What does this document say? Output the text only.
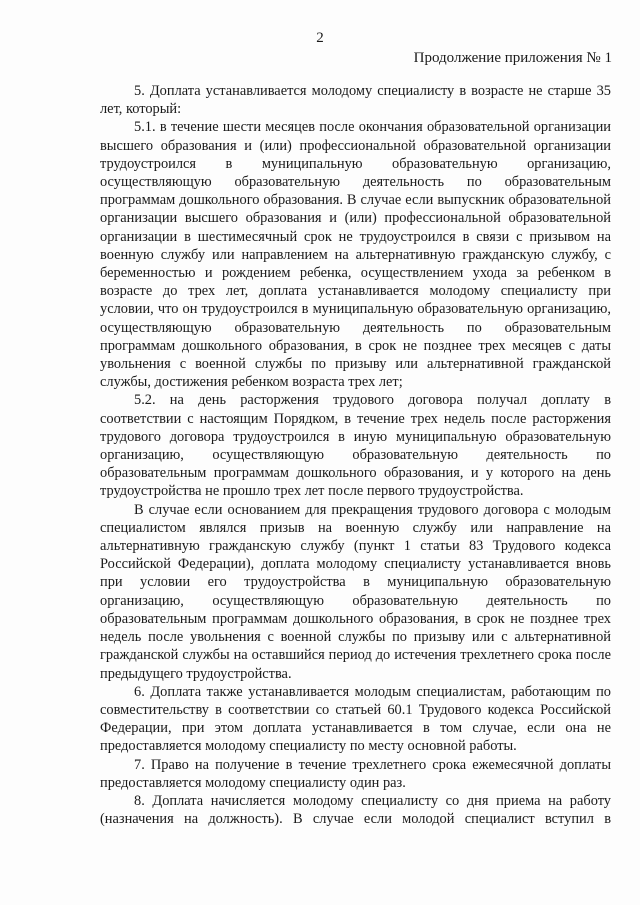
2
Продолжение приложения № 1

5. Доплата устанавливается молодому специалисту в возрасте не старше 35 лет, который:

5.1. в течение шести месяцев после окончания образовательной организации высшего образования и (или) профессиональной образовательной организации трудоустроился в муниципальную образовательную организацию, осуществляющую образовательную деятельность по образовательным программам дошкольного образования. В случае если выпускник образовательной организации высшего образования и (или) профессиональной образовательной организации в шестимесячный срок не трудоустроился в связи с призывом на военную службу или направлением на альтернативную гражданскую службу, с беременностью и рождением ребенка, осуществлением ухода за ребенком в возрасте до трех лет, доплата устанавливается молодому специалисту при условии, что он трудоустроился в муниципальную образовательную организацию, осуществляющую образовательную деятельность по образовательным программам дошкольного образования, в срок не позднее трех месяцев с даты увольнения с военной службы по призыву или альтернативной гражданской службы, достижения ребенком возраста трех лет;

5.2. на день расторжения трудового договора получал доплату в соответствии с настоящим Порядком, в течение трех недель после расторжения трудового договора трудоустроился в иную муниципальную образовательную организацию, осуществляющую образовательную деятельность по образовательным программам дошкольного образования, и у которого на день трудоустройства не прошло трех лет после первого трудоустройства.

В случае если основанием для прекращения трудового договора с молодым специалистом являлся призыв на военную службу или направление на альтернативную гражданскую службу (пункт 1 статьи 83 Трудового кодекса Российской Федерации), доплата молодому специалисту устанавливается вновь при условии его трудоустройства в муниципальную образовательную организацию, осуществляющую образовательную деятельность по образовательным программам дошкольного образования, в срок не позднее трех недель после увольнения с военной службы по призыву или с альтернативной гражданской службы на оставшийся период до истечения трехлетнего срока после предыдущего трудоустройства.

6. Доплата также устанавливается молодым специалистам, работающим по совместительству в соответствии со статьей 60.1 Трудового кодекса Российской Федерации, при этом доплата устанавливается в том случае, если она не предоставляется молодому специалисту по месту основной работы.

7. Право на получение в течение трехлетнего срока ежемесячной доплаты предоставляется молодому специалисту один раз.

8. Доплата начисляется молодому специалисту со дня приема на работу (назначения на должность). В случае если молодой специалист вступил в
